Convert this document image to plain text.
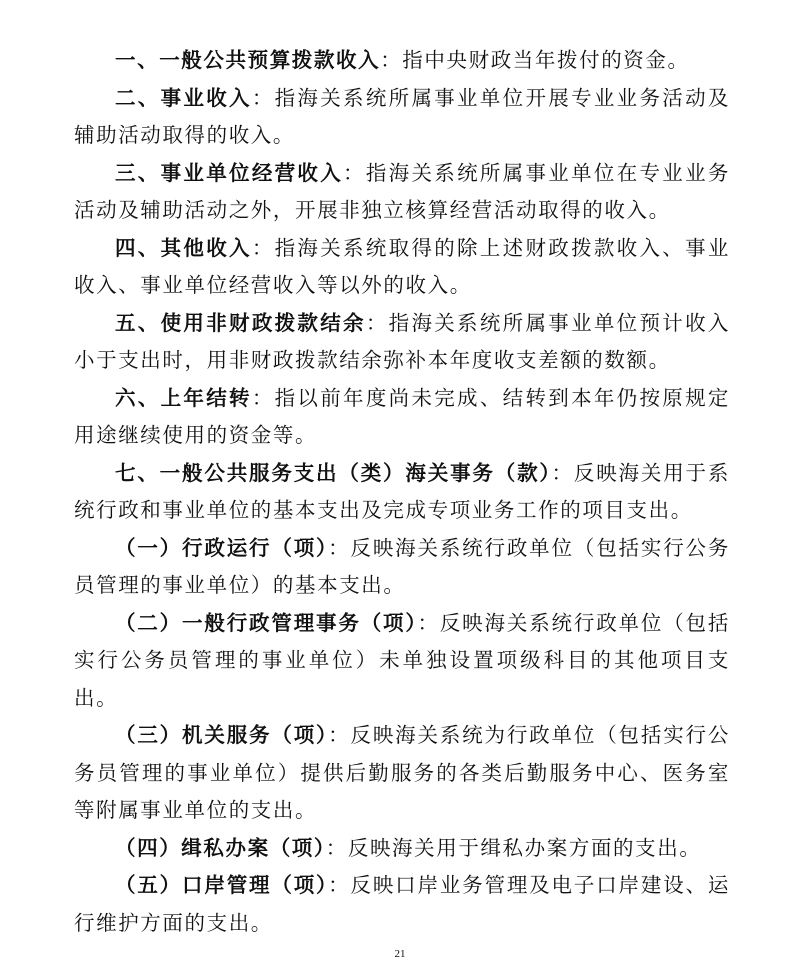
一、一般公共预算拨款收入：指中央财政当年拨付的资金。

二、事业收入：指海关系统所属事业单位开展专业业务活动及辅助活动取得的收入。

三、事业单位经营收入：指海关系统所属事业单位在专业业务活动及辅助活动之外，开展非独立核算经营活动取得的收入。

四、其他收入：指海关系统取得的除上述财政拨款收入、事业收入、事业单位经营收入等以外的收入。

五、使用非财政拨款结余：指海关系统所属事业单位预计收入小于支出时，用非财政拨款结余弥补本年度收支差额的数额。

六、上年结转：指以前年度尚未完成、结转到本年仍按原规定用途继续使用的资金等。

七、一般公共服务支出（类）海关事务（款）：反映海关用于系统行政和事业单位的基本支出及完成专项业务工作的项目支出。

（一）行政运行（项）：反映海关系统行政单位（包括实行公务员管理的事业单位）的基本支出。

（二）一般行政管理事务（项）：反映海关系统行政单位（包括实行公务员管理的事业单位）未单独设置项级科目的其他项目支出。

（三）机关服务（项）：反映海关系统为行政单位（包括实行公务员管理的事业单位）提供后勤服务的各类后勤服务中心、医务室等附属事业单位的支出。

（四）缉私办案（项）：反映海关用于缉私办案方面的支出。

（五）口岸管理（项）：反映口岸业务管理及电子口岸建设、运行维护方面的支出。

21
